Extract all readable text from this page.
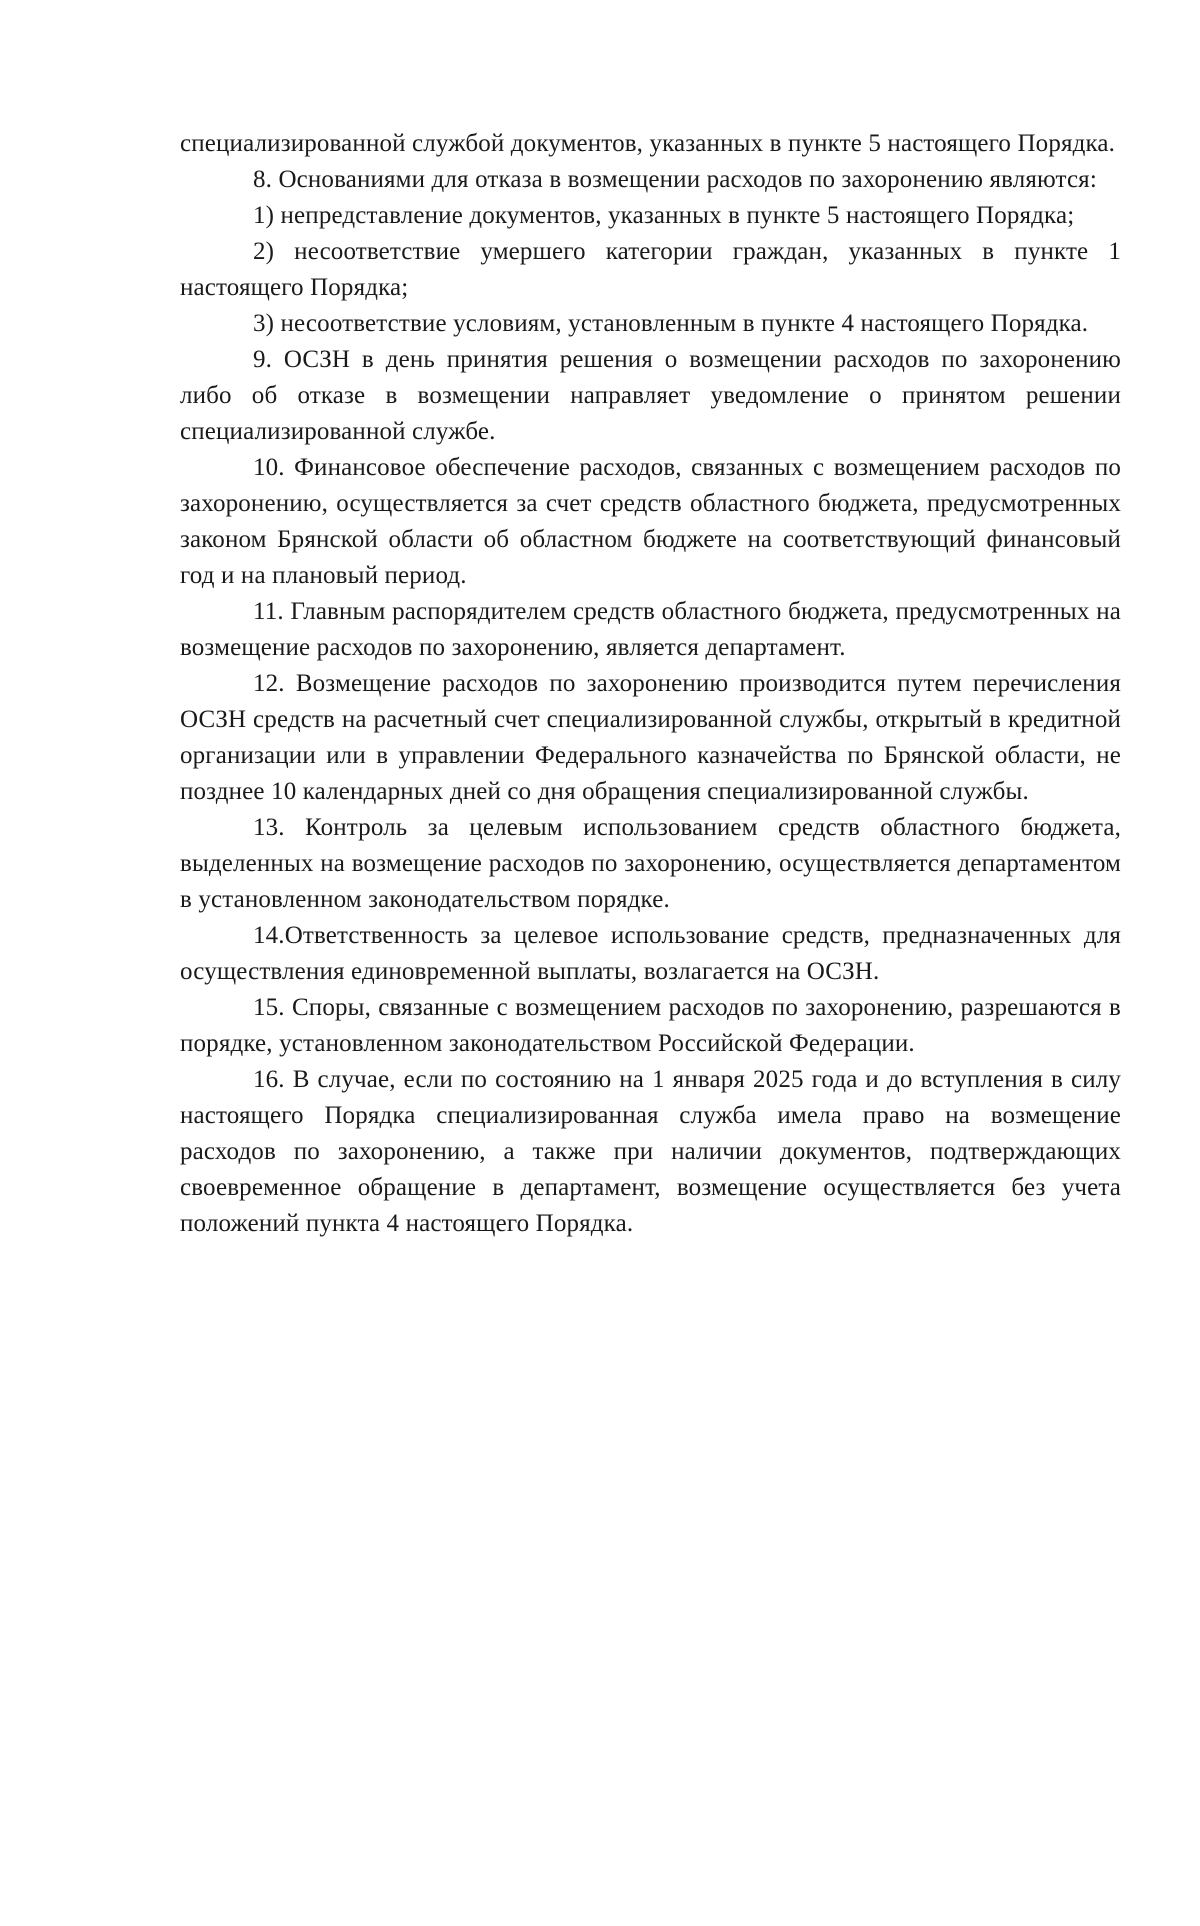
специализированной службой документов, указанных в пункте 5 настоящего Порядка.

8. Основаниями для отказа в возмещении расходов по захоронению являются:

1) непредставление документов, указанных в пункте 5 настоящего Порядка;

2) несоответствие умершего категории граждан, указанных в пункте 1 настоящего Порядка;

3) несоответствие условиям, установленным в пункте 4 настоящего Порядка.

9. ОСЗН в день принятия решения о возмещении расходов по захоронению либо об отказе в возмещении направляет уведомление о принятом решении специализированной службе.

10. Финансовое обеспечение расходов, связанных с возмещением расходов по захоронению, осуществляется за счет средств областного бюджета, предусмотренных законом Брянской области об областном бюджете на соответствующий финансовый год и на плановый период.

11. Главным распорядителем средств областного бюджета, предусмотренных на возмещение расходов по захоронению, является департамент.

12. Возмещение расходов по захоронению производится путем перечисления ОСЗН средств на расчетный счет специализированной службы, открытый в кредитной организации или в управлении Федерального казначейства по Брянской области, не позднее 10 календарных дней со дня обращения специализированной службы.

13. Контроль за целевым использованием средств областного бюджета, выделенных на возмещение расходов по захоронению, осуществляется департаментом в установленном законодательством порядке.

14.Ответственность за целевое использование средств, предназначенных для осуществления единовременной выплаты, возлагается на ОСЗН.

15. Споры, связанные с возмещением расходов по захоронению, разрешаются в порядке, установленном законодательством Российской Федерации.

16. В случае, если по состоянию на 1 января 2025 года и до вступления в силу настоящего Порядка специализированная служба имела право на возмещение расходов по захоронению, а также при наличии документов, подтверждающих своевременное обращение в департамент, возмещение осуществляется без учета положений пункта 4 настоящего Порядка.
